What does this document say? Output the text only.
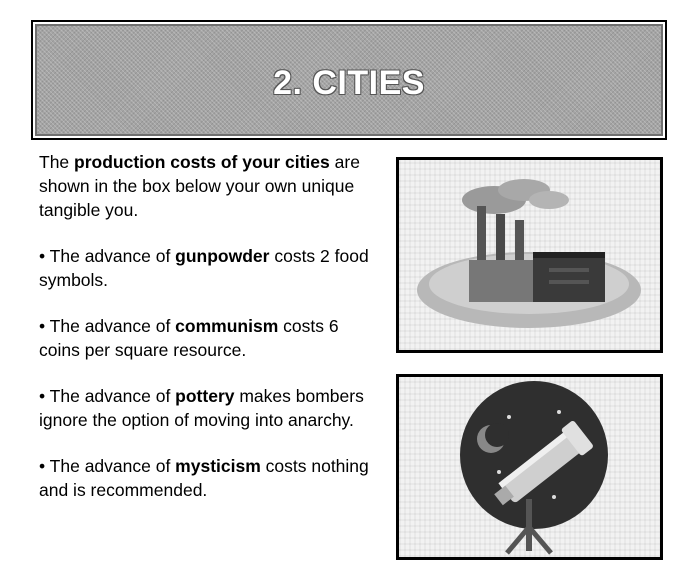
2. CITIES

The production costs of your cities are shown in the box below your own unique tangible you.

• The advance of gunpowder costs 2 food symbols.

• The advance of communism costs 6 coins per square resource.

• The advance of pottery makes bombers ignore the option of moving into anarchy.

• The advance of mysticism costs nothing and is recommended.
